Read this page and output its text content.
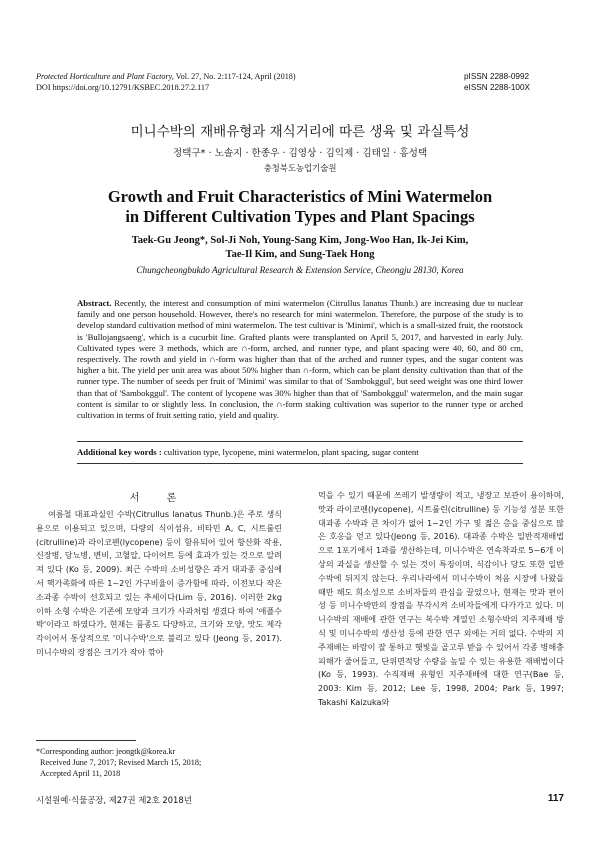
Protected Horticulture and Plant Factory, Vol. 27, No. 2:117-124, April (2018)
DOI https://doi.org/10.12791/KSBEC.2018.27.2.117
pISSN 2288-0992
eISSN 2288-100X
미니수박의 재배유형과 재식거리에 따른 생육 및 과실특성
정택구* · 노솔지 · 한종우 · 김영상 · 김익제 · 김태일 · 홍성택
충청북도농업기술원
Growth and Fruit Characteristics of Mini Watermelon
in Different Cultivation Types and Plant Spacings
Taek-Gu Jeong*, Sol-Ji Noh, Young-Sang Kim, Jong-Woo Han, Ik-Jei Kim,
Tae-Il Kim, and Sung-Taek Hong
Chungcheongbukdo Agricultural Research & Extension Service, Cheongju 28130, Korea
Abstract. Recently, the interest and consumption of mini watermelon (Citrullus lanatus Thunb.) are increasing due to nuclear family and one person household. However, there's no research for mini watermelon. Therefore, the purpose of the study is to develop standard cultivation method of mini watermelon. The test cultivar is 'Minimi', which is a small-sized fruit, the rootstock is 'Bullojangsaeng', which is a cucurbit line. Grafted plants were transplanted on April 5, 2017, and harvested in early July. Cultivated types were 3 methods, which are ∩-form, arched, and runner type, and plant spacing were 40, 60, and 80 cm, respectively. The rowth and yield in ∩-form was higher than that of the arched and runner types, and the sugar content was higher a bit. The yield per unit area was about 50% higher than ∩-form, which can be plant density cultivation than that of the runner type. The number of seeds per fruit of 'Minimi' was similar to that of 'Sambokggul', but seed weight was one third lower than that of 'Sambokggul'. The content of lycopene was 30% higher than that of 'Sambokggul' watermelon, and the main sugar content is similar to or slightly less. In conclusion, the ∩-form staking cultivation was superior to the runner type or arched cultivation in terms of fruit setting ratio, yield and quality.
Additional key words : cultivation type, lycopene, mini watermelon, plant spacing, sugar content
서 론

여름철 대표과실인 수박(Citrullus lanatus Thunb.)은 주로 생식용으로 이용되고 있으며, 다량의 식이섬유, 비타민 A, C, 시트룰린(citrulline)과 라이코펜(lycopene) 등이 함유되어 있어 항산화 작용, 신장병, 당뇨병, 변비, 고혈압, 다이어트 등에 효과가 있는 것으로 알려져 있다 (Ko 등, 2009). 최근 수박의 소비성향은 과거 대과종 중심에서 핵가족화에 따른 1~2인 가구비율이 증가함에 따라, 이전보다 작은 소과종 수박이 선호되고 있는 추세이다(Lim 등, 2016). 이러한 2kg 이하 소형 수박은 기존에 모양과 크기가 사과처럼 생겼다 하여 '애플수박'이라고 하였다가, 현재는 품종도 다양하고, 크기와 모양, 맛도 제각각이어서 통상적으로 '미니수박'으로 불리고 있다 (Jeong 등, 2017). 미니수박의 장점은 크기가 작아 깎아

먹을 수 있기 때문에 쓰레기 발생량이 적고, 냉장고 보관이 용이하며, 맛과 라이코펜(lycopene), 시트룰린(citrulline) 등 기능성 성분 또한 대과종 수박과 큰 차이가 없어 1~2인 가구 및 젊은 층을 중심으로 많은 호응을 얻고 있다(Jeong 등, 2016). 대과종 수박은 일반적재배법으로 1포기에서 1과를 생산하는데, 미니수박은 연속착과로 5~6개 이상의 과실을 생산할 수 있는 것이 특징이며, 식감이나 당도 또한 일반수박에 뒤지지 않는다. 우리나라에서 미니수박이 처음 시장에 나왔을 때만 해도 희소성으로 소비자들의 관심을 끌었으나, 현재는 맛과 편이성 등 미니수박만의 장점을 부각시켜 소비자들에게 다가가고 있다. 미니수박의 재배에 관한 연구는 복수박 계열인 소형수박의 지주재배 방식 및 미니수박의 생산성 등에 관한 연구 외에는 거의 없다. 수박의 지주재배는 바람이 잘 통하고 햇빛을 골고루 받을 수 있어서 각종 병해충 피해가 줄어들고, 단위면적당 수량을 높일 수 있는 유용한 재배법이다(Ko 등, 1993). 수직재배 유형인 지주재배에 대한 연구(Bae 등, 2003: Kim 등, 2012; Lee 등, 1998, 2004; Park 등, 1997; Takashi Kaizuka와

*Corresponding author: jeongtk@korea.kr
Received June 7, 2017; Revised March 15, 2018;
Accepted April 11, 2018
시설원예·식물공장, 제27권 제2호 2018년	117
